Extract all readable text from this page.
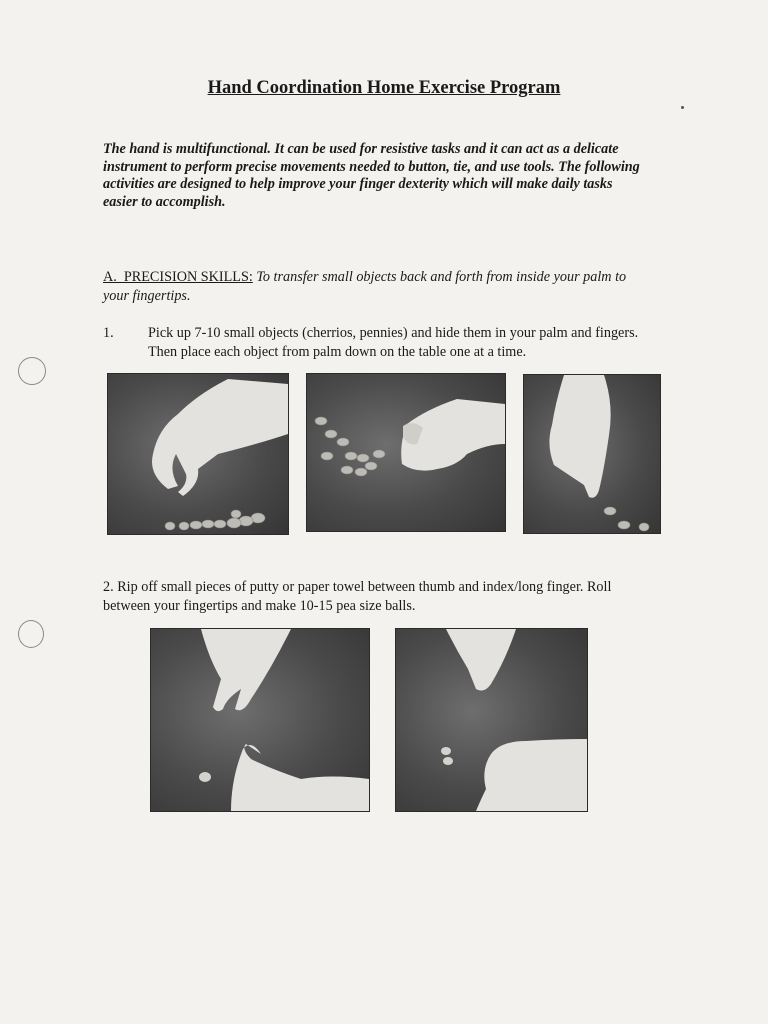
Hand Coordination Home Exercise Program
The hand is multifunctional. It can be used for resistive tasks and it can act as a delicate instrument to perform precise movements needed to button, tie, and use tools. The following activities are designed to help improve your finger dexterity which will make daily tasks easier to accomplish.
A.  PRECISION SKILLS: To transfer small objects back and forth from inside your palm to your fingertips.
1. Pick up 7-10 small objects (cherrios, pennies) and hide them in your palm and fingers. Then place each object from palm down on the table one at a time.
2. Rip off small pieces of putty or paper towel between thumb and index/long finger. Roll between your fingertips and make 10-15 pea size balls.
